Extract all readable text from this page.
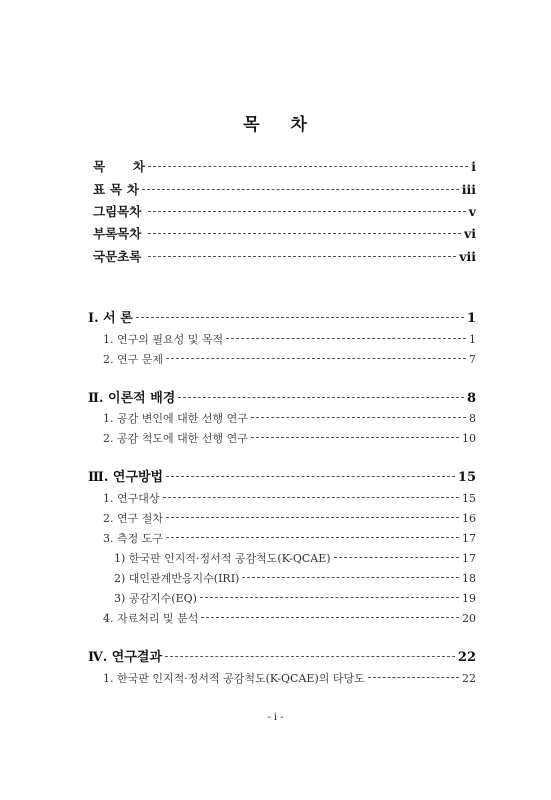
목 차
목 차	i
표 목 차	iii
그림목차	v
부록목차	vi
국문초록	vii
Ⅰ. 서 론	1
1. 연구의 필요성 및 목적	1
2. 연구 문제	7
Ⅱ. 이론적 배경	8
1. 공감 변인에 대한 선행 연구	8
2. 공감 척도에 대한 선행 연구	10
Ⅲ. 연구방법	15
1. 연구대상	15
2. 연구 절차	16
3. 측정 도구	17
1) 한국판 인지적·정서적 공감척도(K-QCAE)	17
2) 대인관계반응지수(IRI)	18
3) 공감지수(EQ)	19
4. 자료처리 및 분석	20
Ⅳ. 연구결과	22
1. 한국판 인지적·정서적 공감척도(K-QCAE)의 타당도	22
- i -
